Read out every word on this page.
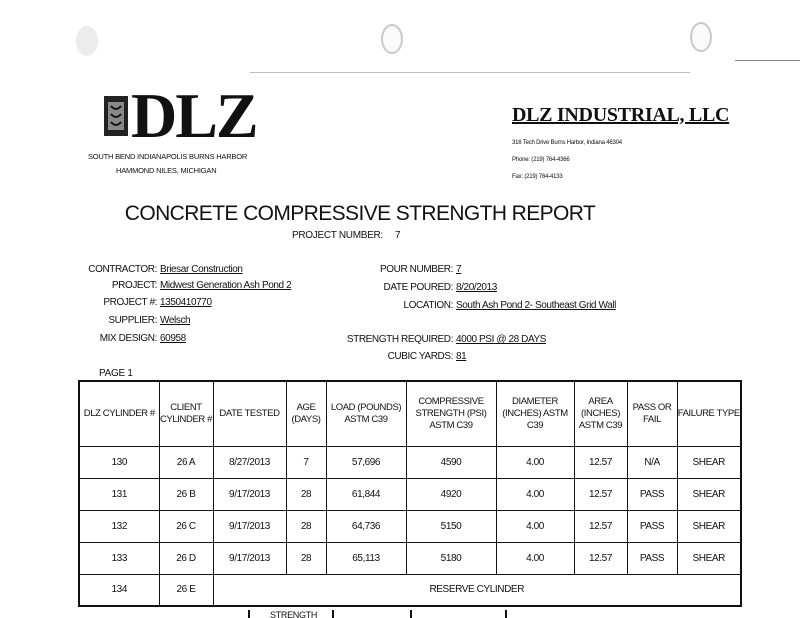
DLZ
SOUTH BEND INDIANAPOLIS BURNS HARBOR
HAMMOND NILES, MICHIGAN
DLZ INDUSTRIAL, LLC
316 Tech Drive Burns Harbor, Indiana 46304
Phone: (219) 764-4366
Fax: (219) 764-4133
CONCRETE COMPRESSIVE STRENGTH REPORT
PROJECT NUMBER: 7
CONTRACTOR: Briesar Construction
PROJECT: Midwest Generation Ash Pond 2
PROJECT #: 1350410770
SUPPLIER: Welsch
MIX DESIGN: 60958
POUR NUMBER: 7
DATE POURED: 8/20/2013
LOCATION: South Ash Pond 2- Southeast Grid Wall
STRENGTH REQUIRED: 4000 PSI @ 28 DAYS
CUBIC YARDS: 81
PAGE 1
DLZ CYLINDER #	CLIENT CYLINDER #	DATE TESTED	AGE (DAYS)	LOAD (POUNDS) ASTM C39	COMPRESSIVE STRENGTH (PSI) ASTM C39	DIAMETER (INCHES) ASTM C39	AREA (INCHES) ASTM C39	PASS OR FAIL	FAILURE TYPE
130	26 A	8/27/2013	7	57,696	4590	4.00	12.57	N/A	SHEAR
131	26 B	9/17/2013	28	61,844	4920	4.00	12.57	PASS	SHEAR
132	26 C	9/17/2013	28	64,736	5150	4.00	12.57	PASS	SHEAR
133	26 D	9/17/2013	28	65,113	5180	4.00	12.57	PASS	SHEAR
134	26 E	RESERVE CYLINDER							
STRENGTH
